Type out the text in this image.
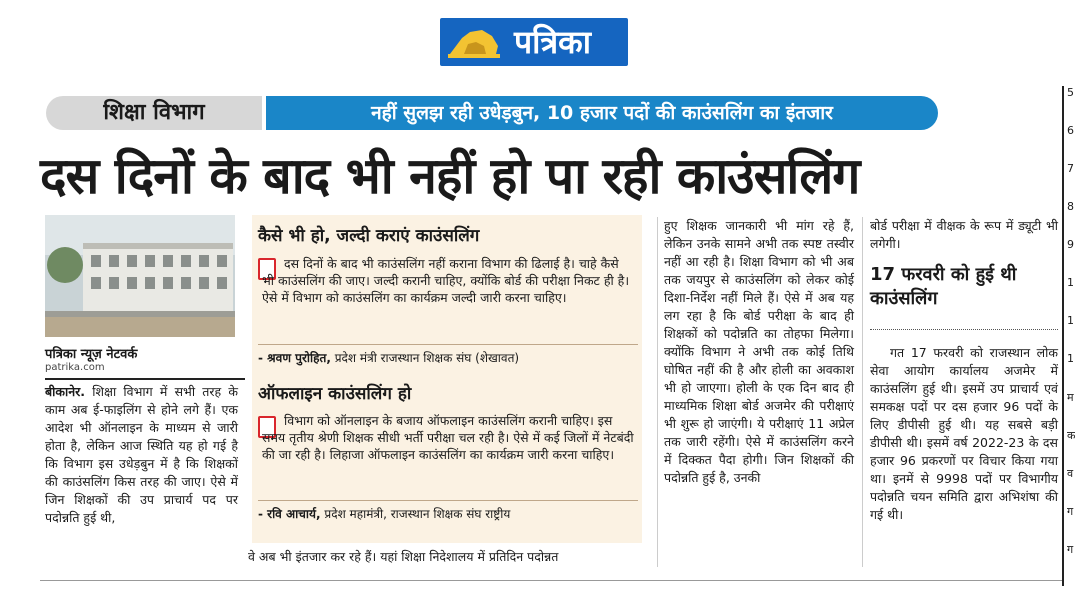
पत्रिका
5
6
7
8
9
1
1
1
म
क
व
ग
ग
शिक्षा विभाग	नहीं सुलझ रही उधेड़बुन, 10 हजार पदों की काउंसलिंग का इंतजार
दस दिनों के बाद भी नहीं हो पा रही काउंसलिंग
पत्रिका न्यूज़ नेटवर्क
patrika.com
बीकानेर. शिक्षा विभाग में सभी तरह के काम अब ई-फाइलिंग से होने लगे हैं। एक आदेश भी ऑनलाइन के माध्यम से जारी होता है, लेकिन आज स्थिति यह हो गई है कि विभाग इस उधेड़बुन में है कि शिक्षकों की काउंसलिंग किस तरह की जाए। ऐसे में जिन शिक्षकों की उप प्राचार्य पद पर पदोन्नति हुई थी,
कैसे भी हो, जल्दी कराएं काउंसलिंग
दस दिनों के बाद भी काउंसलिंग नहीं कराना विभाग की ढिलाई है। चाहे कैसे भी काउंसलिंग की जाए। जल्दी करानी चाहिए, क्योंकि बोर्ड की परीक्षा निकट ही है। ऐसे में विभाग को काउंसलिंग का कार्यक्रम जल्दी जारी करना चाहिए।
- श्रवण पुरोहित, प्रदेश मंत्री राजस्थान शिक्षक संघ (शेखावत)
ऑफलाइन काउंसलिंग हो
विभाग को ऑनलाइन के बजाय ऑफलाइन काउंसलिंग करानी चाहिए। इस समय तृतीय श्रेणी शिक्षक सीधी भर्ती परीक्षा चल रही है। ऐसे में कई जिलों में नेटबंदी की जा रही है। लिहाजा ऑफलाइन काउंसलिंग का कार्यक्रम जारी करना चाहिए।
- रवि आचार्य, प्रदेश महामंत्री, राजस्थान शिक्षक संघ राष्ट्रीय
वे अब भी इंतजार कर रहे हैं। यहां शिक्षा निदेशालय में प्रतिदिन पदोन्नत
हुए शिक्षक जानकारी भी मांग रहे हैं, लेकिन उनके सामने अभी तक स्पष्ट तस्वीर नहीं आ रही है। शिक्षा विभाग को भी अब तक जयपुर से काउंसलिंग को लेकर कोई दिशा-निर्देश नहीं मिले हैं। ऐसे में अब यह लग रहा है कि बोर्ड परीक्षा के बाद ही शिक्षकों को पदोन्नति का तोहफा मिलेगा। क्योंकि विभाग ने अभी तक कोई तिथि घोषित नहीं की है और होली का अवकाश भी हो जाएगा। होली के एक दिन बाद ही माध्यमिक शिक्षा बोर्ड अजमेर की परीक्षाएं भी शुरू हो जाएंगी। ये परीक्षाएं 11 अप्रेल तक जारी रहेंगी। ऐसे में काउंसलिंग करने में दिक्कत पैदा होगी। जिन शिक्षकों की पदोन्नति हुई है, उनकी
बोर्ड परीक्षा में वीक्षक के रूप में ड्यूटी भी लगेगी।
17 फरवरी को हुई थी काउंसलिंग
गत 17 फरवरी को राजस्थान लोक सेवा आयोग कार्यालय अजमेर में काउंसलिंग हुई थी। इसमें उप प्राचार्य एवं समकक्ष पदों पर दस हजार 96 पदों के लिए डीपीसी हुई थी। यह सबसे बड़ी डीपीसी थी। इसमें वर्ष 2022-23 के दस हजार 96 प्रकरणों पर विचार किया गया था। इनमें से 9998 पदों पर विभागीय पदोन्नति चयन समिति द्वारा अभिशंषा की गई थी।
